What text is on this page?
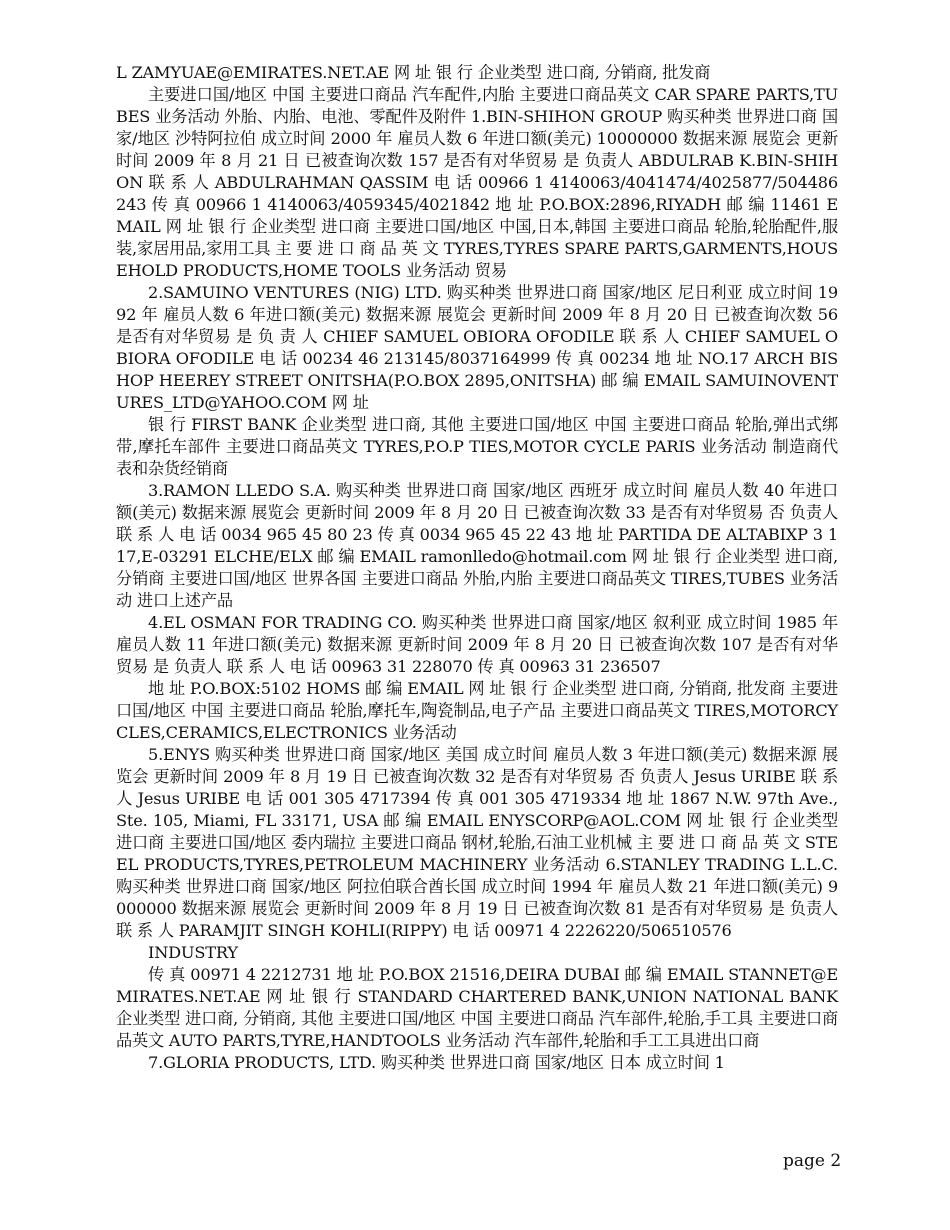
L ZAMYUAE@EMIRATES.NET.AE 网 址 银 行 企业类型 进口商, 分销商, 批发商

主要进口国/地区 中国 主要进口商品 汽车配件,内胎 主要进口商品英文 CAR SPARE PARTS,TUBES 业务活动 外胎、内胎、电池、零配件及附件 1.BIN-SHIHON GROUP 购买种类 世界进口商 国家/地区 沙特阿拉伯 成立时间 2000 年 雇员人数 6 年进口额(美元) 10000000 数据来源 展览会 更新时间 2009 年 8 月 21 日 已被查询次数 157 是否有对华贸易 是 负责人 ABDULRAB K.BIN-SHIHON 联 系 人 ABDULRAHMAN QASSIM 电 话 00966 1 4140063/4041474/4025877/504486243 传 真 00966 1 4140063/4059345/4021842 地 址 P.O.BOX:2896,RIYADH 邮 编 11461 EMAIL 网 址 银 行 企业类型 进口商 主要进口国/地区 中国,日本,韩国 主要进口商品 轮胎,轮胎配件,服装,家居用品,家用工具 主 要 进 口 商 品 英 文 TYRES,TYRES SPARE PARTS,GARMENTS,HOUSEHOLD PRODUCTS,HOME TOOLS 业务活动 贸易

2.SAMUINO VENTURES (NIG) LTD. 购买种类 世界进口商 国家/地区 尼日利亚 成立时间 1992 年 雇员人数 6 年进口额(美元) 数据来源 展览会 更新时间 2009 年 8 月 20 日 已被查询次数 56 是否有对华贸易 是 负 责 人 CHIEF SAMUEL OBIORA OFODILE 联 系 人 CHIEF SAMUEL OBIORA OFODILE 电 话 00234 46 213145/8037164999 传 真 00234 地 址 NO.17 ARCH BISHOP HEEREY STREET ONITSHA(P.O.BOX 2895,ONITSHA) 邮 编 EMAIL SAMUINOVENTURES_LTD@YAHOO.COM 网 址

银 行 FIRST BANK 企业类型 进口商, 其他 主要进口国/地区 中国 主要进口商品 轮胎,弹出式绑带,摩托车部件 主要进口商品英文 TYRES,P.O.P TIES,MOTOR CYCLE PARIS 业务活动 制造商代表和杂货经销商

3.RAMON LLEDO S.A. 购买种类 世界进口商 国家/地区 西班牙 成立时间 雇员人数 40 年进口额(美元) 数据来源 展览会 更新时间 2009 年 8 月 20 日 已被查询次数 33 是否有对华贸易 否 负责人 联 系 人 电 话 0034 965 45 80 23 传 真 0034 965 45 22 43 地 址 PARTIDA DE ALTABIXP 3 117,E-03291 ELCHE/ELX 邮 编 EMAIL ramonlledo@hotmail.com 网 址 银 行 企业类型 进口商, 分销商 主要进口国/地区 世界各国 主要进口商品 外胎,内胎 主要进口商品英文 TIRES,TUBES 业务活动 进口上述产品

4.EL OSMAN FOR TRADING CO. 购买种类 世界进口商 国家/地区 叙利亚 成立时间 1985 年 雇员人数 11 年进口额(美元) 数据来源 更新时间 2009 年 8 月 20 日 已被查询次数 107 是否有对华贸易 是 负责人 联 系 人 电 话 00963 31 228070 传 真 00963 31 236507

地 址 P.O.BOX:5102 HOMS 邮 编 EMAIL 网 址 银 行 企业类型 进口商, 分销商, 批发商 主要进口国/地区 中国 主要进口商品 轮胎,摩托车,陶瓷制品,电子产品 主要进口商品英文 TIRES,MOTORCYCLES,CERAMICS,ELECTRONICS 业务活动

5.ENYS 购买种类 世界进口商 国家/地区 美国 成立时间 雇员人数 3 年进口额(美元) 数据来源 展览会 更新时间 2009 年 8 月 19 日 已被查询次数 32 是否有对华贸易 否 负责人 Jesus URIBE 联 系 人 Jesus URIBE 电 话 001 305 4717394 传 真 001 305 4719334 地 址 1867 N.W. 97th Ave., Ste. 105, Miami, FL 33171, USA 邮 编 EMAIL ENYSCORP@AOL.COM 网 址 银 行 企业类型 进口商 主要进口国/地区 委内瑞拉 主要进口商品 钢材,轮胎,石油工业机械 主 要 进 口 商 品 英 文 STEEL PRODUCTS,TYRES,PETROLEUM MACHINERY 业务活动 6.STANLEY TRADING L.L.C. 购买种类 世界进口商 国家/地区 阿拉伯联合酋长国 成立时间 1994 年 雇员人数 21 年进口额(美元) 9000000 数据来源 展览会 更新时间 2009 年 8 月 19 日 已被查询次数 81 是否有对华贸易 是 负责人 联 系 人 PARAMJIT SINGH KOHLI(RIPPY) 电 话 00971 4 2226220/506510576

INDUSTRY

传 真 00971 4 2212731 地 址 P.O.BOX 21516,DEIRA DUBAI 邮 编 EMAIL STANNET@EMIRATES.NET.AE 网 址 银 行 STANDARD CHARTERED BANK,UNION NATIONAL BANK 企业类型 进口商, 分销商, 其他 主要进口国/地区 中国 主要进口商品 汽车部件,轮胎,手工具 主要进口商品英文 AUTO PARTS,TYRE,HANDTOOLS 业务活动 汽车部件,轮胎和手工工具进出口商

7.GLORIA PRODUCTS, LTD. 购买种类 世界进口商 国家/地区 日本 成立时间 1

page 2
